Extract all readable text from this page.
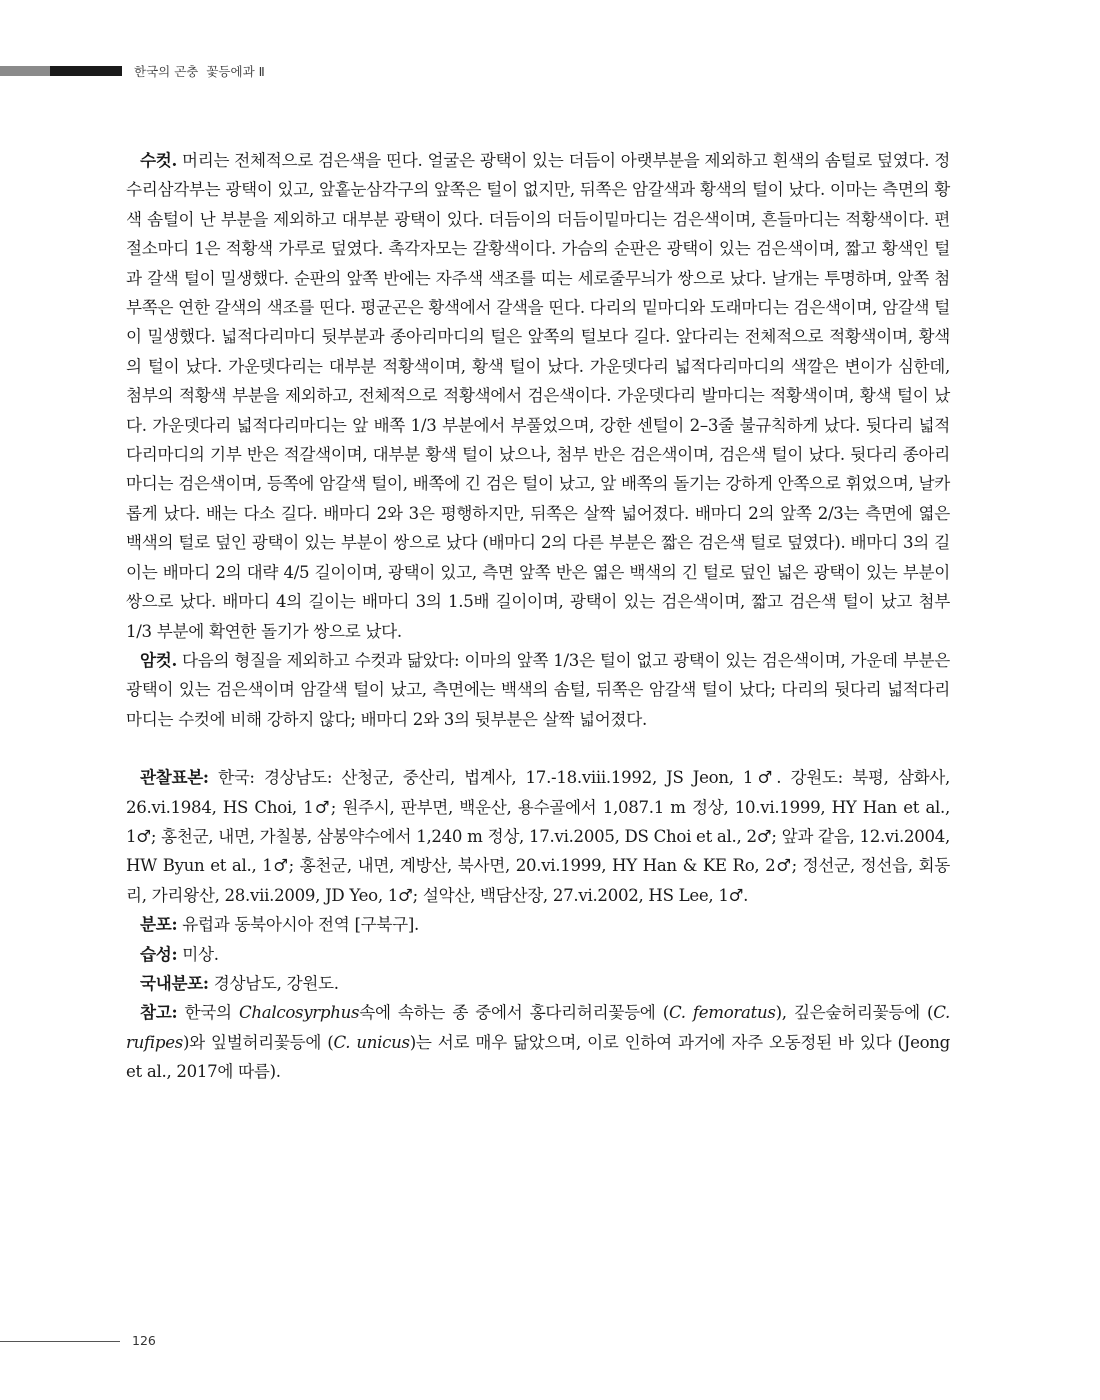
한국의 곤충 꽃등에과 Ⅱ

수컷. 머리는 전체적으로 검은색을 띤다. 얼굴은 광택이 있는 더듬이 아랫부분을 제외하고 흰색의 솜털로 덮였다. 정수리삼각부는 광택이 있고, 앞홑눈삼각구의 앞쪽은 털이 없지만, 뒤쪽은 암갈색과 황색의 털이 났다. 이마는 측면의 황색 솜털이 난 부분을 제외하고 대부분 광택이 있다. 더듬이의 더듬이밑마디는 검은색이며, 흔들마디는 적황색이다. 편절소마디 1은 적황색 가루로 덮였다. 촉각자모는 갈황색이다. 가슴의 순판은 광택이 있는 검은색이며, 짧고 황색인 털과 갈색 털이 밀생했다. 순판의 앞쪽 반에는 자주색 색조를 띠는 세로줄무늬가 쌍으로 났다. 날개는 투명하며, 앞쪽 첨부쪽은 연한 갈색의 색조를 띤다. 평균곤은 황색에서 갈색을 띤다. 다리의 밑마디와 도래마디는 검은색이며, 암갈색 털이 밀생했다. 넓적다리마디 뒷부분과 종아리마디의 털은 앞쪽의 털보다 길다. 앞다리는 전체적으로 적황색이며, 황색의 털이 났다. 가운뎃다리는 대부분 적황색이며, 황색 털이 났다. 가운뎃다리 넓적다리마디의 색깔은 변이가 심한데, 첨부의 적황색 부분을 제외하고, 전체적으로 적황색에서 검은색이다. 가운뎃다리 발마디는 적황색이며, 황색 털이 났다. 가운뎃다리 넓적다리마디는 앞 배쪽 1/3 부분에서 부풀었으며, 강한 센털이 2–3줄 불규칙하게 났다. 뒷다리 넓적다리마디의 기부 반은 적갈색이며, 대부분 황색 털이 났으나, 첨부 반은 검은색이며, 검은색 털이 났다. 뒷다리 종아리마디는 검은색이며, 등쪽에 암갈색 털이, 배쪽에 긴 검은 털이 났고, 앞 배쪽의 돌기는 강하게 안쪽으로 휘었으며, 날카롭게 났다. 배는 다소 길다. 배마디 2와 3은 평행하지만, 뒤쪽은 살짝 넓어졌다. 배마디 2의 앞쪽 2/3는 측면에 엷은 백색의 털로 덮인 광택이 있는 부분이 쌍으로 났다 (배마디 2의 다른 부분은 짧은 검은색 털로 덮였다). 배마디 3의 길이는 배마디 2의 대략 4/5 길이이며, 광택이 있고, 측면 앞쪽 반은 엷은 백색의 긴 털로 덮인 넓은 광택이 있는 부분이 쌍으로 났다. 배마디 4의 길이는 배마디 3의 1.5배 길이이며, 광택이 있는 검은색이며, 짧고 검은색 털이 났고 첨부 1/3 부분에 확연한 돌기가 쌍으로 났다.

암컷. 다음의 형질을 제외하고 수컷과 닮았다: 이마의 앞쪽 1/3은 털이 없고 광택이 있는 검은색이며, 가운데 부분은 광택이 있는 검은색이며 암갈색 털이 났고, 측면에는 백색의 솜털, 뒤쪽은 암갈색 털이 났다; 다리의 뒷다리 넓적다리마디는 수컷에 비해 강하지 않다; 배마디 2와 3의 뒷부분은 살짝 넓어졌다.

관찰표본: 한국: 경상남도: 산청군, 중산리, 법계사, 17.-18.viii.1992, JS Jeon, 1♂. 강원도: 북평, 삼화사, 26.vi.1984, HS Choi, 1♂; 원주시, 판부면, 백운산, 용수골에서 1,087.1 m 정상, 10.vi.1999, HY Han et al., 1♂; 홍천군, 내면, 가칠봉, 삼봉약수에서 1,240 m 정상, 17.vi.2005, DS Choi et al., 2♂; 앞과 같음, 12.vi.2004, HW Byun et al., 1♂; 홍천군, 내면, 계방산, 북사면, 20.vi.1999, HY Han & KE Ro, 2♂; 정선군, 정선읍, 회동리, 가리왕산, 28.vii.2009, JD Yeo, 1♂; 설악산, 백담산장, 27.vi.2002, HS Lee, 1♂.

분포: 유럽과 동북아시아 전역 [구북구].

습성: 미상.

국내분포: 경상남도, 강원도.

참고: 한국의 Chalcosyrphus속에 속하는 종 중에서 홍다리허리꽃등에 (C. femoratus), 깊은숲허리꽃등에 (C. rufipes)와 잎벌허리꽃등에 (C. unicus)는 서로 매우 닮았으며, 이로 인하여 과거에 자주 오동정된 바 있다 (Jeong et al., 2017에 따름).

126
